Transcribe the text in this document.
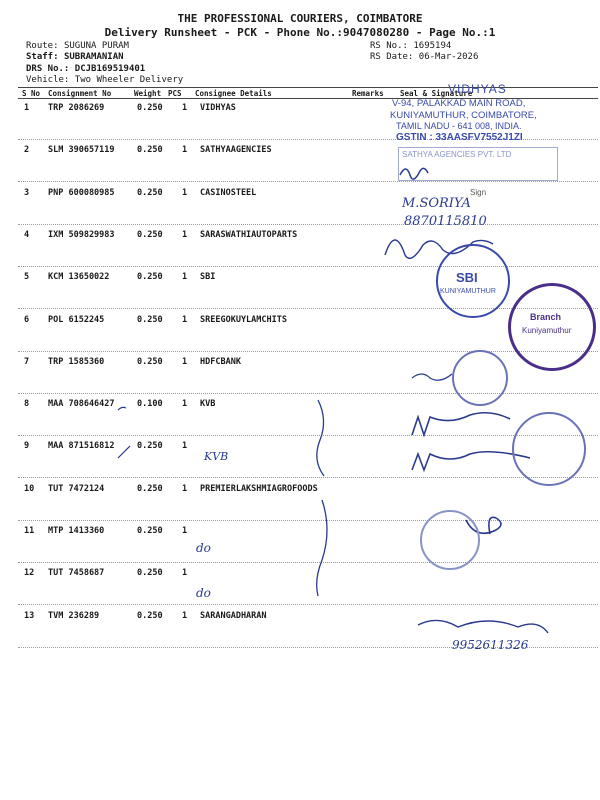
THE PROFESSIONAL COURIERS, COIMBATORE
Delivery Runsheet - PCK - Phone No.:9047080280 - Page No.:1
Route: SUGUNA PURAM
Staff: SUBRAMANIAN
DRS No.: DCJB169519401
Vehicle: Two Wheeler Delivery
RS No.: 1695194
RS Date: 06-Mar-2026
S No Consignment No	Weight PCS Consignee Details	Remarks Seal & Signature
1 TRP 2086269	0.250 1 VIDHYAS
2 SLM 390657119	0.250 1 SATHYAAGENCIES
3 PNP 600080985	0.250 1 CASINOSTEEL
4 IXM 509829983	0.250 1 SARASWATHIAUTOPARTS
5 KCM 13650022	0.250 1 SBI
6 POL 6152245	0.250 1 SREEGOKUYLAMCHITS
7 TRP 1585360	0.250 1 HDFCBANK
8 MAA 708646427	0.100 1 KVB
9 MAA 871516812	0.250 1
10 TUT 7472124	0.250 1 PREMIERLAKSHMIAGROFOODS
11 MTP 1413360	0.250 1
12 TUT 7458687	0.250 1
13 TVM 236289	0.250 1 SARANGADHARAN
KVB
do
do
M.SORIYA
8870115810
9952611326
VIDHYAS
V-94, PALAKKAD MAIN ROAD,
KUNIYAMUTHUR, COIMBATORE,
TAMIL NADU - 641 008, INDIA.
GSTIN : 33AASFV7552J1ZI
SATHYA AGENCIES PVT. LTD
Sign
SBI
KUNIYAMUTHUR
Branch
Kuniyamuthur
